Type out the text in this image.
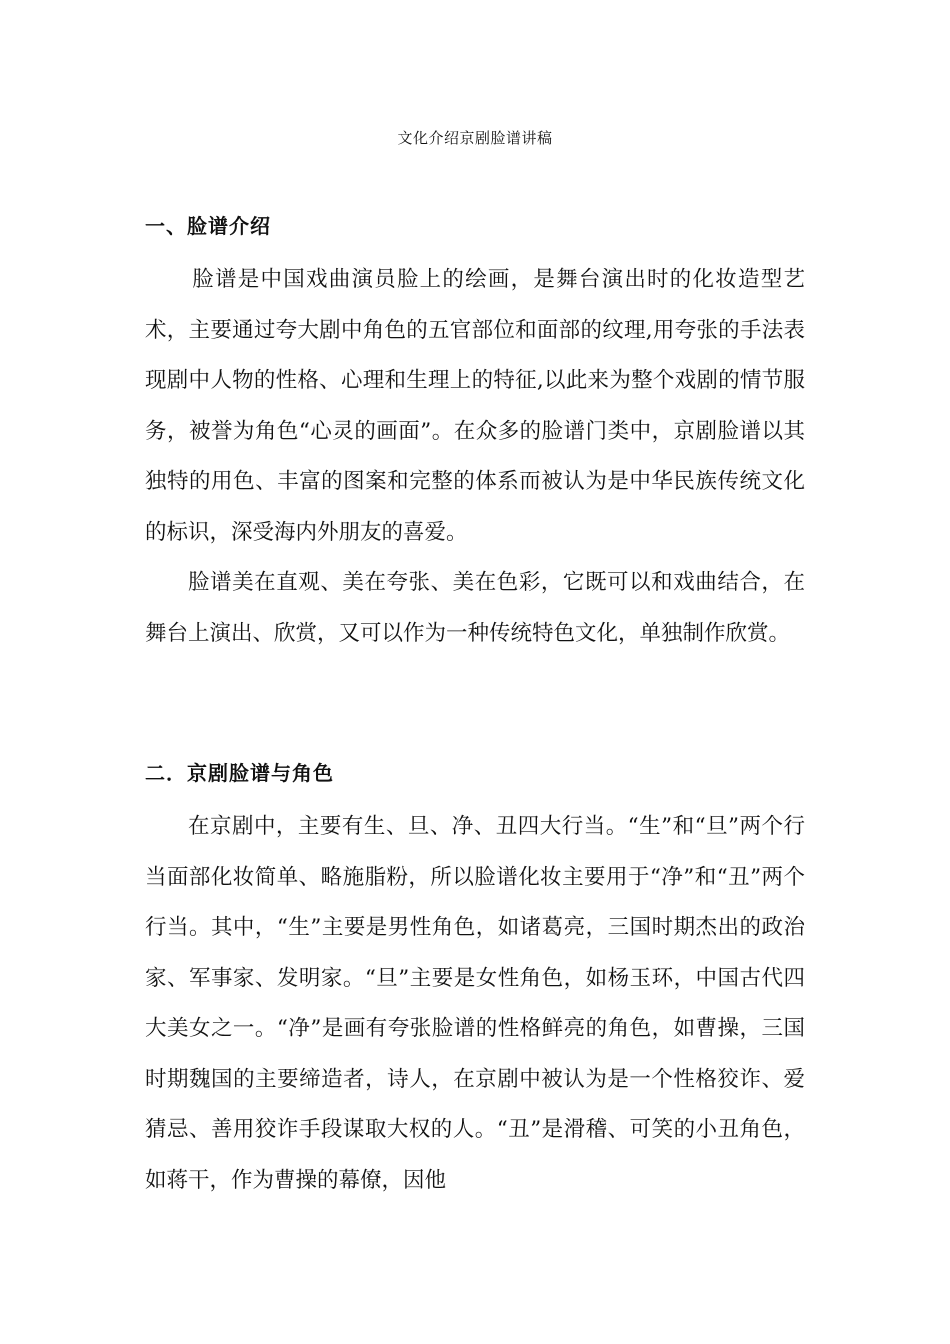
文化介绍京剧脸谱讲稿
一、脸谱介绍

脸谱是中国戏曲演员脸上的绘画，是舞台演出时的化妆造型艺术，主要通过夸大剧中角色的五官部位和面部的纹理,用夸张的手法表现剧中人物的性格、心理和生理上的特征,以此来为整个戏剧的情节服务，被誉为角色“心灵的画面”。在众多的脸谱门类中，京剧脸谱以其独特的用色、丰富的图案和完整的体系而被认为是中华民族传统文化的标识，深受海内外朋友的喜爱。

脸谱美在直观、美在夸张、美在色彩，它既可以和戏曲结合，在舞台上演出、欣赏，又可以作为一种传统特色文化，单独制作欣赏。

二．京剧脸谱与角色

在京剧中，主要有生、旦、净、丑四大行当。“生”和“旦”两个行当面部化妆简单、略施脂粉，所以脸谱化妆主要用于“净”和“丑”两个行当。其中，“生”主要是男性角色，如诸葛亮，三国时期杰出的政治家、军事家、发明家。“旦”主要是女性角色，如杨玉环，中国古代四大美女之一。“净”是画有夸张脸谱的性格鲜亮的角色，如曹操，三国时期魏国的主要缔造者，诗人，在京剧中被认为是一个性格狡诈、爱猜忌、善用狡诈手段谋取大权的人。“丑”是滑稽、可笑的小丑角色，如蒋干，作为曹操的幕僚，因他
